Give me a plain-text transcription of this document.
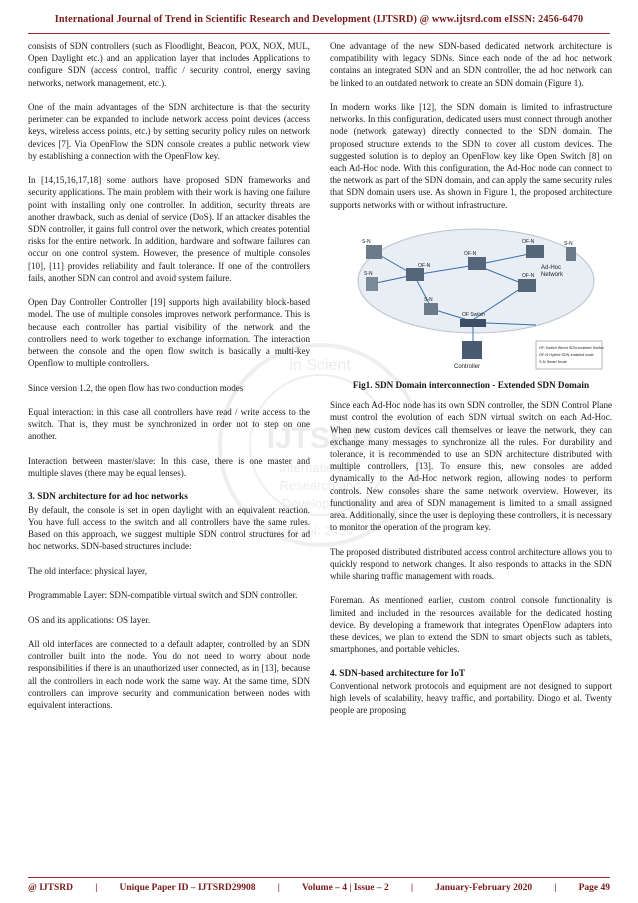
International Journal of Trend in Scientific Research and Development (IJTSRD) @ www.ijtsrd.com eISSN: 2456-6470
in Scient
IJTSRD
International J
Research and
Development
ISSN: 2456

consists of SDN controllers (such as Floodlight, Beacon, POX, NOX, MUL, Open Daylight etc.) and an application layer that includes Applications to configure SDN (access control, traffic / security control, energy saving networks, network management, etc.).

One of the main advantages of the SDN architecture is that the security perimeter can be expanded to include network access point devices (access keys, wireless access points, etc.) by setting security policy rules on network devices [7]. Via OpenFlow the SDN console creates a public network view by establishing a connection with the OpenFlow key.

In [14,15,16,17,18] some authors have proposed SDN frameworks and security applications. The main problem with their work is having one failure point with installing only one controller. In addition, security threats are another drawback, such as denial of service (DoS). If an attacker disables the SDN controller, it gains full control over the network, which creates potential risks for the entire network. In addition, hardware and software failures can occur on one control system. However, the presence of multiple consoles [10], [11] provides reliability and fault tolerance. If one of the controllers fails, another SDN can control and avoid system failure.

Open Day Controller Controller [19] supports high availability block-based model. The use of multiple consoles improves network performance. This is because each controller has partial visibility of the network and the controllers need to work together to exchange information. The interaction between the console and the open flow switch is basically a multi-key Openflow to multiple controllers.

Since version 1.2, the open flow has two conduction modes

Equal interaction: in this case all controllers have read / write access to the switch. That is, they must be synchronized in order not to step on one another.

Interaction between master/slave: In this case, there is one master and multiple slaves (there may be equal lenses).

3. SDN architecture for ad hoc networks

By default, the console is set in open daylight with an equivalent reaction. You have full access to the switch and all controllers have the same rules. Based on this approach, we suggest multiple SDN control structures for ad hoc networks. SDN-based structures include:

The old interface: physical layer,

Programmable Layer: SDN-compatible virtual switch and SDN controller.

OS and its applications: OS layer.

All old interfaces are connected to a default adapter, controlled by an SDN controller built into the node. You do not need to worry about node responsibilities if there is an unauthorized user connected, as in [13], because all the controllers in each node work the same way. At the same time, SDN controllers can improve security and communication between nodes with equivalent interactions.

One advantage of the new SDN-based dedicated network architecture is compatibility with legacy SDNs. Since each node of the ad hoc network contains an integrated SDN and an SDN controller, the ad hoc network can be linked to an outdated network to create an SDN domain (Figure 1).

In modern works like [12], the SDN domain is limited to infrastructure networks. In this configuration, dedicated users must connect through another node (network gateway) directly connected to the SDN domain. The proposed structure extends to the SDN to cover all custom devices. The suggested solution is to deploy an OpenFlow key like Open Switch [8] on each Ad-Hoc node. With this configuration, the Ad-Hoc node can connect to the network as part of the SDN domain, and can apply the same security rules that SDN domain users use. As shown in Figure 1, the proposed architecture supports networks with or without infrastructure.

S-N
S-N
OF-N
OF-N
OF-N
OF-N
S-N
S-N
Ad-Hoc
Network
OF Switch
Controller
OF-Switch Wired SDN-enabled Switch
OF-N Hybrid SDN-enabled node
S-N Smart Node
Fig1. SDN Domain interconnection - Extended SDN Domain

Since each Ad-Hoc node has its own SDN controller, the SDN Control Plane must control the evolution of each SDN virtual switch on each Ad-Hoc. When new custom devices call themselves or leave the network, they can exchange many messages to synchronize all the rules. For durability and tolerance, it is recommended to use an SDN architecture distributed with multiple controllers, [13]. To ensure this, new consoles are added dynamically to the Ad-Hoc network region, allowing nodes to perform controls. New consoles share the same network overview. However, its functionality and area of SDN management is limited to a small assigned area. Additionally, since the user is deploying these controllers, it is necessary to monitor the operation of the program key.

The proposed distributed distributed access control architecture allows you to quickly respond to network changes. It also responds to attacks in the SDN while sharing traffic management with roads.

Foreman. As mentioned earlier, custom control console functionality is limited and included in the resources available for the dedicated hosting device. By developing a framework that integrates OpenFlow adapters into these devices, we plan to extend the SDN to smart objects such as tablets, smartphones, and portable vehicles.

4. SDN-based architecture for IoT

Conventional network protocols and equipment are not designed to support high levels of scalability, heavy traffic, and portability. Diogo et al. Twenty people are proposing

@ IJTSRD | Unique Paper ID – IJTSRD29908 | Volume – 4 | Issue – 2 | January-February 2020 | Page 49
